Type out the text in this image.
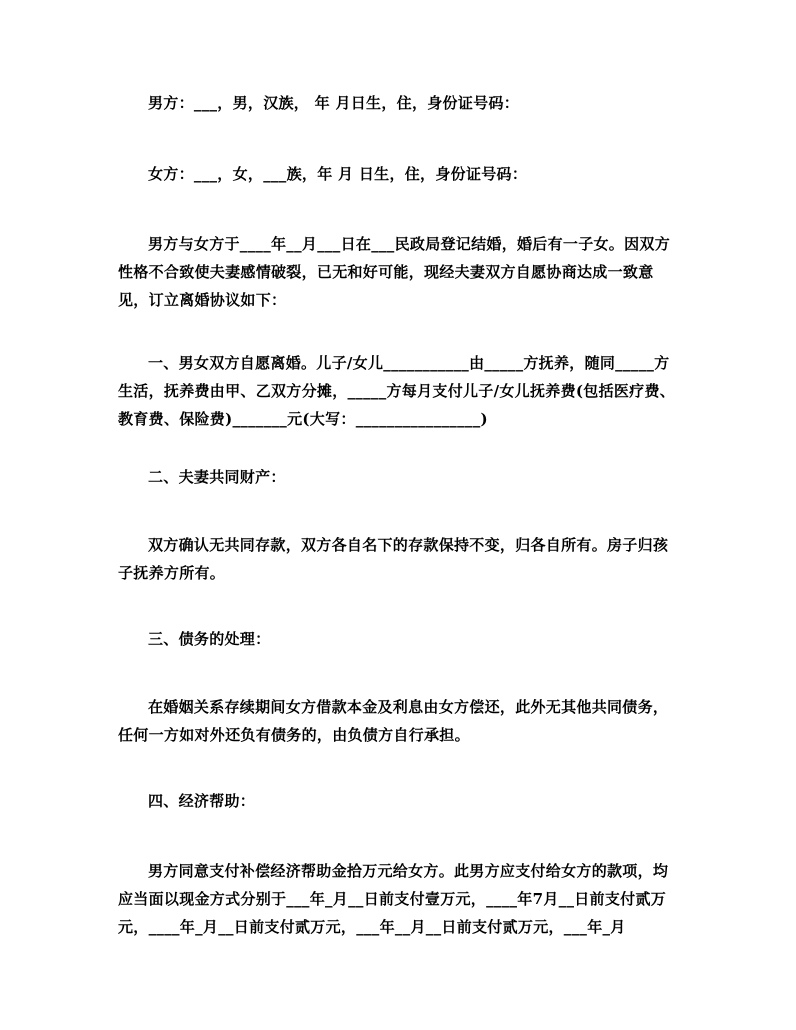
男方：___，男，汉族， 年 月日生，住，身份证号码：
女方：___，女，___族，年 月 日生，住，身份证号码：
男方与女方于____年__月___日在___民政局登记结婚，婚后有一子女。因双方性格不合致使夫妻感情破裂，已无和好可能，现经夫妻双方自愿协商达成一致意见，订立离婚协议如下：
一、男女双方自愿离婚。儿子/女儿___________由_____方抚养，随同_____方生活，抚养费由甲、乙双方分摊，_____方每月支付儿子/女儿抚养费(包括医疗费、教育费、保险费)_______元(大写：________________)
二、夫妻共同财产：
双方确认无共同存款，双方各自名下的存款保持不变，归各自所有。房子归孩子抚养方所有。
三、债务的处理：
在婚姻关系存续期间女方借款本金及利息由女方偿还，此外无其他共同债务，任何一方如对外还负有债务的，由负债方自行承担。
四、经济帮助：
男方同意支付补偿经济帮助金拾万元给女方。此男方应支付给女方的款项，均应当面以现金方式分别于___年_月__日前支付壹万元，____年7月__日前支付贰万元，____年_月__日前支付贰万元，___年__月__日前支付贰万元，___年_月
